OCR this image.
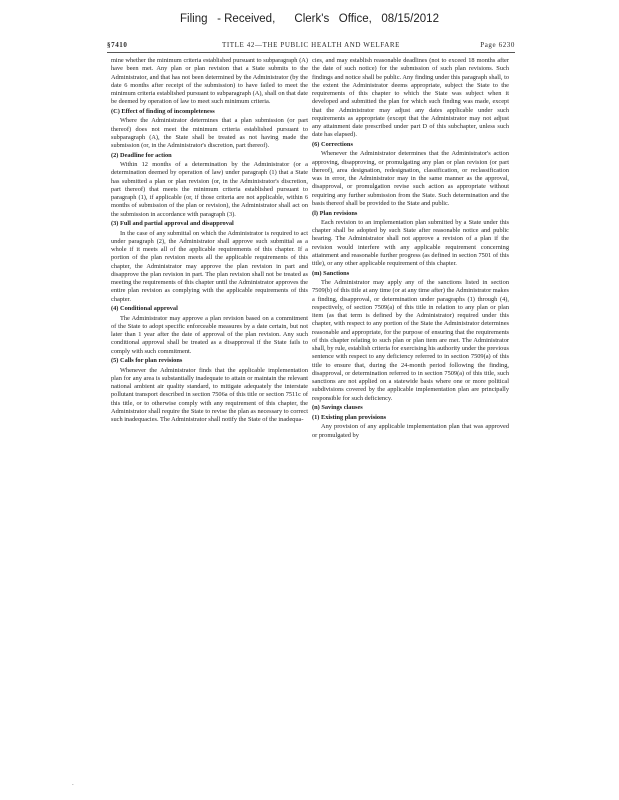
Filing   - Received,      Clerk's   Office,   08/15/2012
§7410	TITLE 42—THE PUBLIC HEALTH AND WELFARE	Page 6230

mine whether the minimum criteria established pursuant to subparagraph (A) have been met. Any plan or plan revision that a State submits to the Administrator, and that has not been determined by the Administrator (by the date 6 months after receipt of the submission) to have failed to meet the minimum criteria established pursuant to subparagraph (A), shall on that date be deemed by operation of law to meet such minimum criteria.

(C) Effect of finding of incompleteness

Where the Administrator determines that a plan submission (or part thereof) does not meet the minimum criteria established pursuant to subparagraph (A), the State shall be treated as not having made the submission (or, in the Administrator's discretion, part thereof).

(2) Deadline for action

Within 12 months of a determination by the Administrator (or a determination deemed by operation of law) under paragraph (1) that a State has submitted a plan or plan revision (or, in the Administrator's discretion, part thereof) that meets the minimum criteria established pursuant to paragraph (1), if applicable (or, if those criteria are not applicable, within 6 months of submission of the plan or revision), the Administrator shall act on the submission in accordance with paragraph (3).

(3) Full and partial approval and disapproval

In the case of any submittal on which the Administrator is required to act under paragraph (2), the Administrator shall approve such submittal as a whole if it meets all of the applicable requirements of this chapter. If a portion of the plan revision meets all the applicable requirements of this chapter, the Administrator may approve the plan revision in part and disapprove the plan revision in part. The plan revision shall not be treated as meeting the requirements of this chapter until the Administrator approves the entire plan revision as complying with the applicable requirements of this chapter.

(4) Conditional approval

The Administrator may approve a plan revision based on a commitment of the State to adopt specific enforceable measures by a date certain, but not later than 1 year after the date of approval of the plan revision. Any such conditional approval shall be treated as a disapproval if the State fails to comply with such commitment.

(5) Calls for plan revisions

Whenever the Administrator finds that the applicable implementation plan for any area is substantially inadequate to attain or maintain the relevant national ambient air quality standard, to mitigate adequately the interstate pollutant transport described in section 7506a of this title or section 7511c of this title, or to otherwise comply with any requirement of this chapter, the Administrator shall require the State to revise the plan as necessary to correct such inadequacies. The Administrator shall notify the State of the inadequa-

cies, and may establish reasonable deadlines (not to exceed 18 months after the date of such notice) for the submission of such plan revisions. Such findings and notice shall be public. Any finding under this paragraph shall, to the extent the Administrator deems appropriate, subject the State to the requirements of this chapter to which the State was subject when it developed and submitted the plan for which such finding was made, except that the Administrator may adjust any dates applicable under such requirements as appropriate (except that the Administrator may not adjust any attainment date prescribed under part D of this subchapter, unless such date has elapsed).

(6) Corrections

Whenever the Administrator determines that the Administrator's action approving, disapproving, or promulgating any plan or plan revision (or part thereof), area designation, redesignation, classification, or reclassification was in error, the Administrator may in the same manner as the approval, disapproval, or promulgation revise such action as appropriate without requiring any further submission from the State. Such determination and the basis thereof shall be provided to the State and public.

(l) Plan revisions

Each revision to an implementation plan submitted by a State under this chapter shall be adopted by such State after reasonable notice and public hearing. The Administrator shall not approve a revision of a plan if the revision would interfere with any applicable requirement concerning attainment and reasonable further progress (as defined in section 7501 of this title), or any other applicable requirement of this chapter.

(m) Sanctions

The Administrator may apply any of the sanctions listed in section 7509(b) of this title at any time (or at any time after) the Administrator makes a finding, disapproval, or determination under paragraphs (1) through (4), respectively, of section 7509(a) of this title in relation to any plan or plan item (as that term is defined by the Administrator) required under this chapter, with respect to any portion of the State the Administrator determines reasonable and appropriate, for the purpose of ensuring that the requirements of this chapter relating to such plan or plan item are met. The Administrator shall, by rule, establish criteria for exercising his authority under the previous sentence with respect to any deficiency referred to in section 7509(a) of this title to ensure that, during the 24-month period following the finding, disapproval, or determination referred to in section 7509(a) of this title, such sanctions are not applied on a statewide basis where one or more political subdivisions covered by the applicable implementation plan are principally responsible for such deficiency.

(n) Savings clauses
(1) Existing plan provisions

Any provision of any applicable implementation plan that was approved or promulgated by

.
